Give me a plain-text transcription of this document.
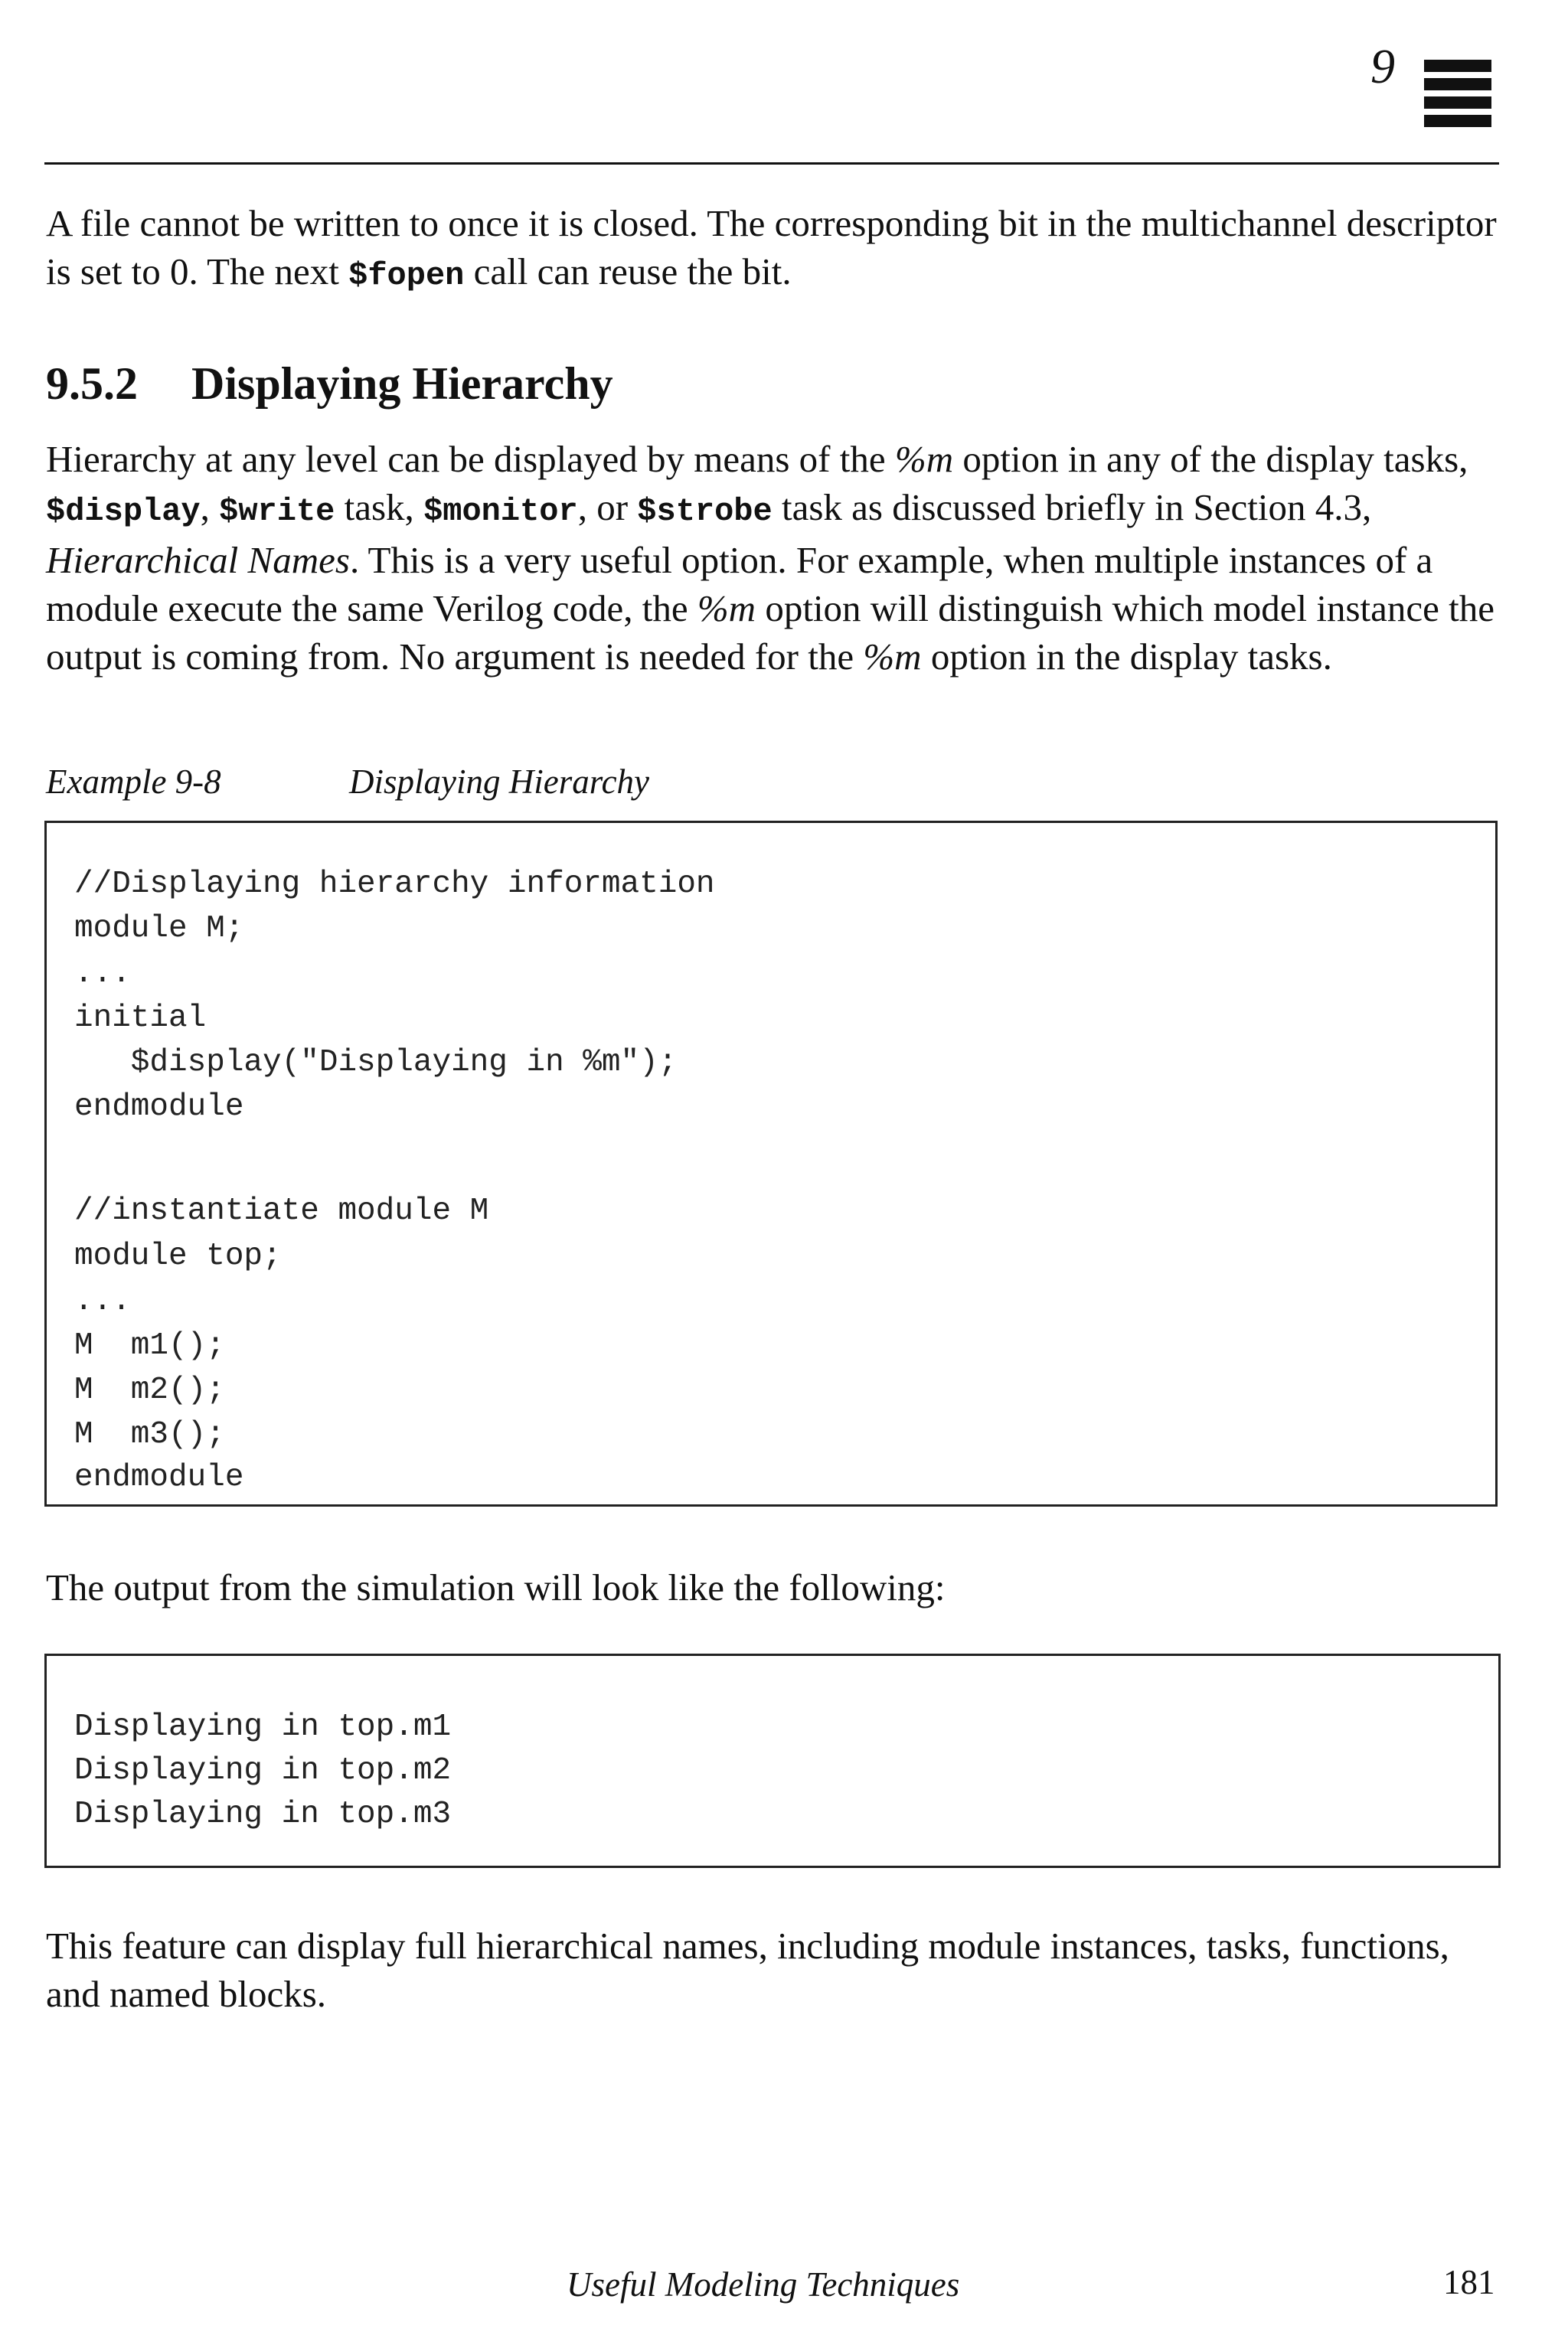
9

A file cannot be written to once it is closed. The corresponding bit in the multichannel descriptor is set to 0. The next $fopen call can reuse the bit.

9.5.2 Displaying Hierarchy

Hierarchy at any level can be displayed by means of the %m option in any of the display tasks, $display, $write task, $monitor, or $strobe task as discussed briefly in Section 4.3, Hierarchical Names. This is a very useful option. For example, when multiple instances of a module execute the same Verilog code, the %m option will distinguish which model instance the output is coming from. No argument is needed for the %m option in the display tasks.

Example 9-8	Displaying Hierarchy
//Displaying hierarchy information
module M;
...
initial
$display("Displaying in %m");
endmodule
//instantiate module M
module top;
...
M  m1();
M  m2();
M  m3();
endmodule

The output from the simulation will look like the following:

Displaying in top.m1
Displaying in top.m2
Displaying in top.m3

This feature can display full hierarchical names, including module instances, tasks, functions, and named blocks.

Useful Modeling Techniques	181
